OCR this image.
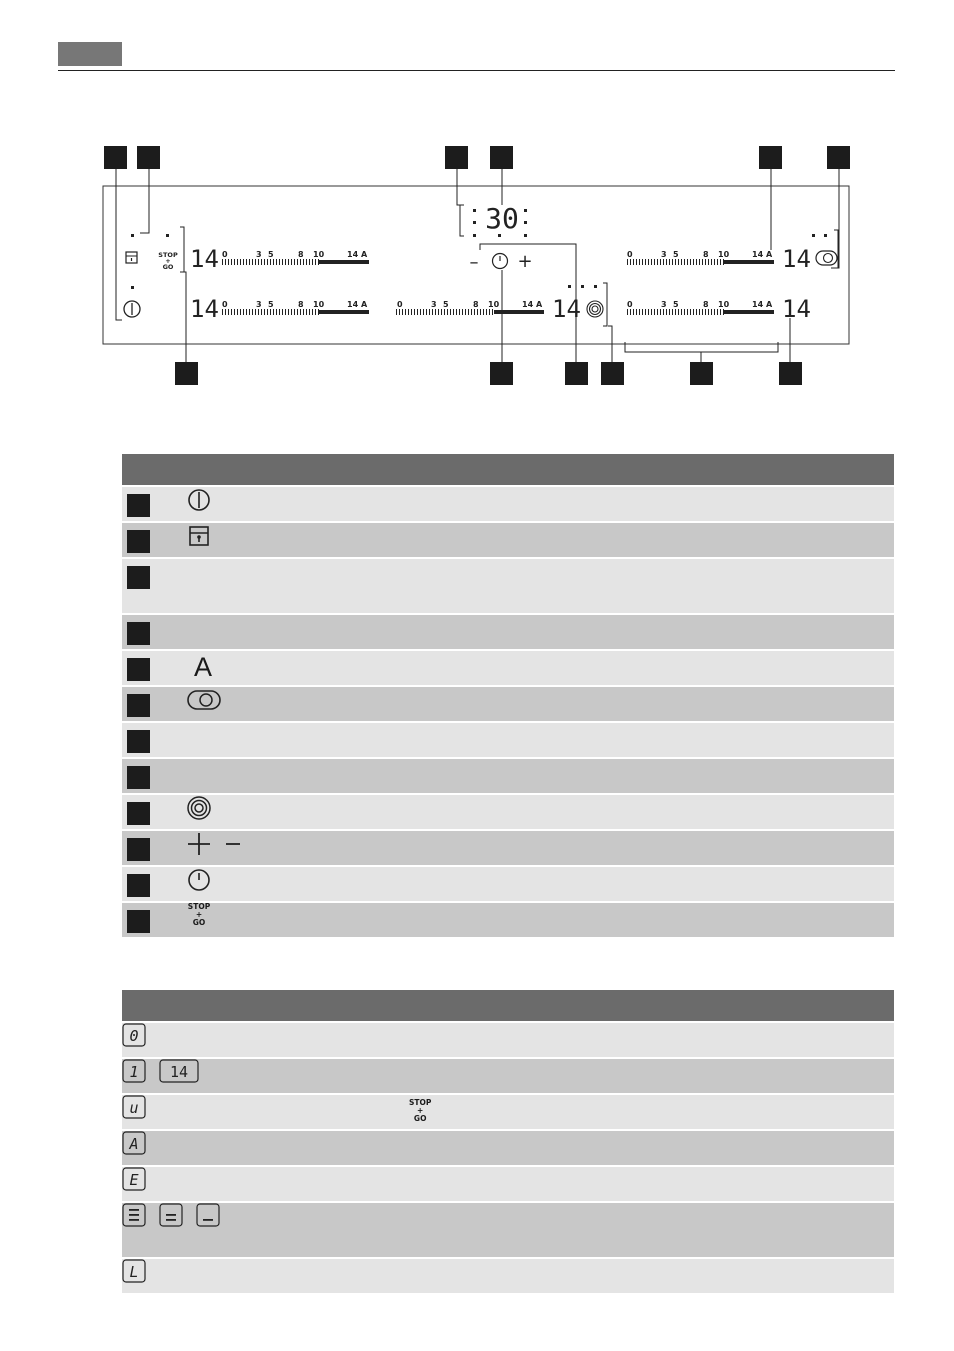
STOP
+
GO
30
– +
14
14	14
14
14
0	3 5	8 10	14 A
0	3 5	8 10	14 A	0	3 5	8 10	14 A
0	3 5	8 10	14 A
0	3 5	8 10	14 A

	A	

	STOP
+
GO	

0	

1 14	

u	STOP
+
GO

A	

E	

L	
